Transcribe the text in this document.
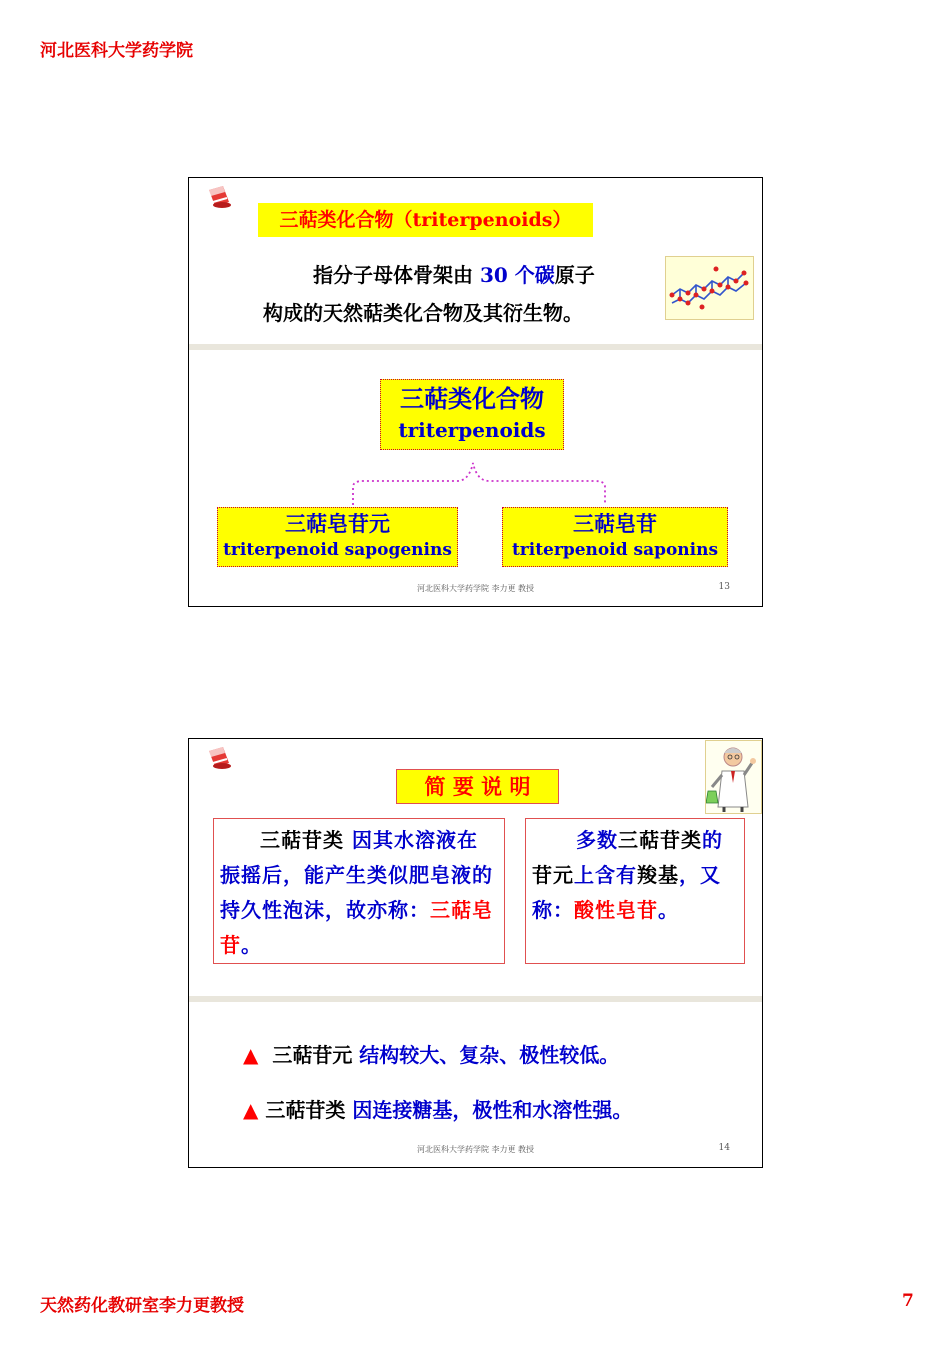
河北医科大学药学院
三萜类化合物（triterpenoids）
指分子母体骨架由 30 个碳原子
构成的天然萜类化合物及其衍生物。
三萜类化合物
triterpenoids
三萜皂苷元
triterpenoid sapogenins
三萜皂苷
triterpenoid saponins
河北医科大学药学院 李力更 教授	13
简 要 说 明
三萜苷类 因其水溶液在振摇后，能产生类似肥皂液的持久性泡沫，故亦称：三萜皂苷。
多数三萜苷类的苷元上含有羧基，又称：酸性皂苷。
▲ 三萜苷元 结构较大、复杂、极性较低。
▲ 三萜苷类 因连接糖基，极性和水溶性强。
河北医科大学药学院 李力更 教授	14
天然药化教研室李力更教授	7
